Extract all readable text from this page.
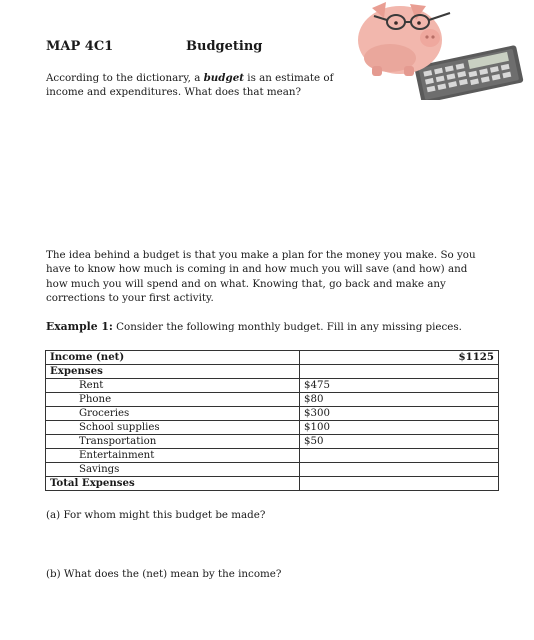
MAP 4C1	Budgeting
According to the dictionary, a budget is an estimate of income and expenditures. What does that mean?
The idea behind a budget is that you make a plan for the money you make. So you have to know how much is coming in and how much you will save (and how) and how much you will spend and on what. Knowing that, go back and make any corrections to your first activity.
Example 1: Consider the following monthly budget. Fill in any missing pieces.
Income (net)	$1125
Expenses	
Rent	$475
Phone	$80
Groceries	$300
School supplies	$100
Transportation	$50
Entertainment	
Savings	
Total Expenses	
(a) For whom might this budget be made?
(b) What does the (net) mean by the income?
